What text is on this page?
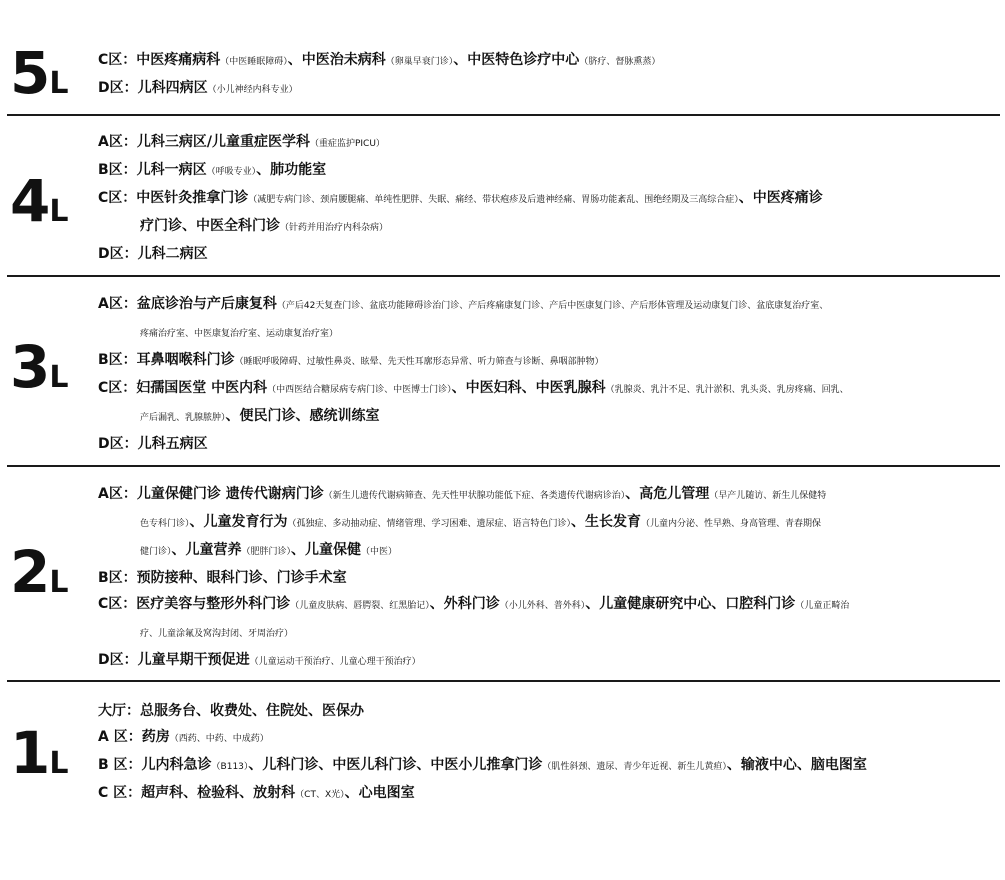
5 L
C区：中医疼痛病科（中医睡眠障碍）、中医治未病科（卵巢早衰门诊）、中医特色诊疗中心（脐疗、督脉熏蒸）
D区：儿科四病区（小儿神经内科专业）
4 L
A区：儿科三病区/儿童重症医学科（重症监护PICU）
B区：儿科一病区（呼吸专业）、肺功能室
C区：中医针灸推拿门诊（减肥专病门诊、颈肩腰腿痛、单纯性肥胖、失眠、痛经、带状疱疹及后遗神经痛、胃肠功能紊乱、围绝经期及三高综合症）、中医疼痛诊
疗门诊、中医全科门诊（针药并用治疗内科杂病）
D区：儿科二病区
3 L
A区：盆底诊治与产后康复科（产后42天复查门诊、盆底功能障碍诊治门诊、产后疼痛康复门诊、产后中医康复门诊、产后形体管理及运动康复门诊、盆底康复治疗室、
疼痛治疗室、中医康复治疗室、运动康复治疗室）
B区：耳鼻咽喉科门诊（睡眠呼吸障碍、过敏性鼻炎、眩晕、先天性耳廓形态异常、听力筛查与诊断、鼻咽部肿物）
C区：妇孺国医堂 中医内科（中西医结合糖尿病专病门诊、中医博士门诊）、中医妇科、中医乳腺科（乳腺炎、乳汁不足、乳汁淤积、乳头炎、乳房疼痛、回乳、
产后漏乳、乳腺脓肿）、便民门诊、感统训练室
D区：儿科五病区
2 L
A区：儿童保健门诊 遗传代谢病门诊（新生儿遗传代谢病筛查、先天性甲状腺功能低下症、各类遗传代谢病诊治）、高危儿管理（早产儿随访、新生儿保健特
色专科门诊）、儿童发育行为（孤独症、多动抽动症、情绪管理、学习困难、遗尿症、语言特色门诊）、生长发育（儿童内分泌、性早熟、身高管理、青春期保
健门诊）、儿童营养（肥胖门诊）、儿童保健（中医）
B区：预防接种、眼科门诊、门诊手术室
C区：医疗美容与整形外科门诊（儿童皮肤病、唇腭裂、红黑胎记）、外科门诊（小儿外科、普外科）、儿童健康研究中心、口腔科门诊（儿童正畸治
疗、儿童涂氟及窝沟封闭、牙周治疗）
D区：儿童早期干预促进（儿童运动干预治疗、儿童心理干预治疗）
1 L
大厅：总服务台、收费处、住院处、医保办
A 区：药房（西药、中药、中成药）
B 区：儿内科急诊（B113）、儿科门诊、中医儿科门诊、中医小儿推拿门诊（肌性斜颈、遗尿、青少年近视、新生儿黄疸）、输液中心、脑电图室
C 区：超声科、检验科、放射科（CT、X光）、心电图室
